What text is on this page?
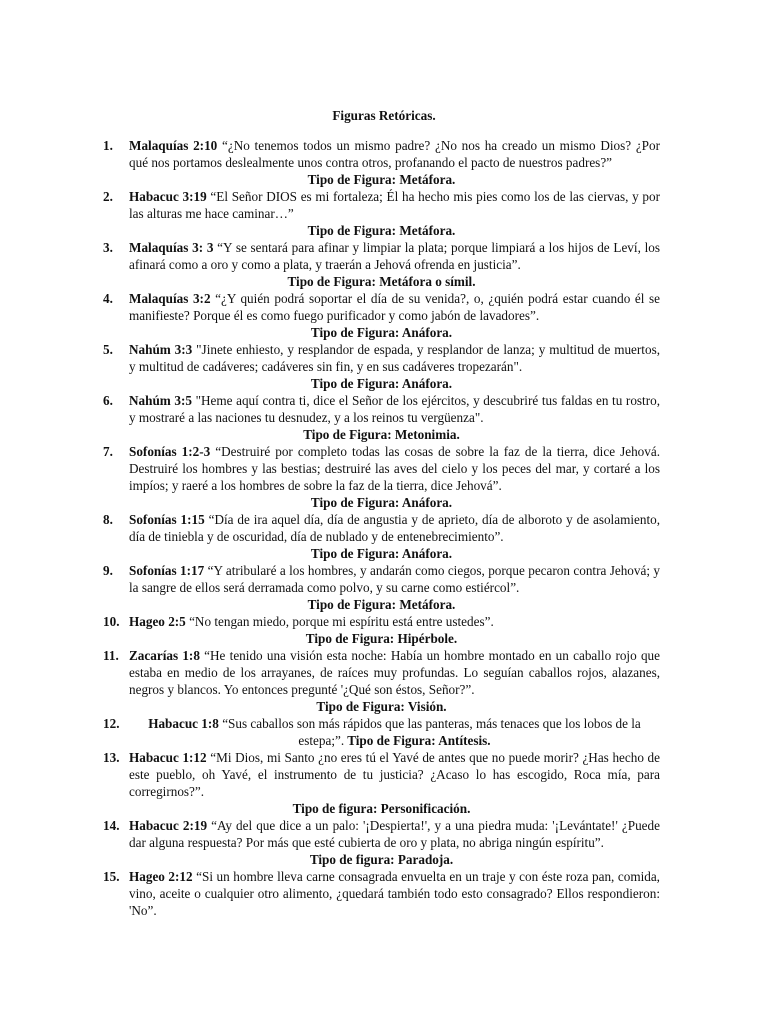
Figuras Retóricas.
1.	Malaquías 2:10 “¿No tenemos todos un mismo padre? ¿No nos ha creado un mismo Dios? ¿Por qué nos portamos deslealmente unos contra otros, profanando el pacto de nuestros padres?”
Tipo de Figura: Metáfora.
2.	Habacuc 3:19 “El Señor DIOS es mi fortaleza; Él ha hecho mis pies como los de las ciervas, y por las alturas me hace caminar…”
Tipo de Figura: Metáfora.
3.	Malaquías 3: 3 “Y se sentará para afinar y limpiar la plata; porque limpiará a los hijos de Leví, los afinará como a oro y como a plata, y traerán a Jehová ofrenda en justicia”.
Tipo de Figura: Metáfora o símil.
4.	Malaquías 3:2 “¿Y quién podrá soportar el día de su venida?, o, ¿quién podrá estar cuando él se manifieste? Porque él es como fuego purificador y como jabón de lavadores”.
Tipo de Figura: Anáfora.
5.	Nahúm 3:3 "Jinete enhiesto, y resplandor de espada, y resplandor de lanza; y multitud de muertos, y multitud de cadáveres; cadáveres sin fin, y en sus cadáveres tropezarán".
Tipo de Figura: Anáfora.
6.	Nahúm 3:5 "Heme aquí contra ti, dice el Señor de los ejércitos, y descubriré tus faldas en tu rostro, y mostraré a las naciones tu desnudez, y a los reinos tu vergüenza".
Tipo de Figura: Metonimia.
7.	Sofonías 1:2-3 “Destruiré por completo todas las cosas de sobre la faz de la tierra, dice Jehová. Destruiré los hombres y las bestias; destruiré las aves del cielo y los peces del mar, y cortaré a los impíos; y raeré a los hombres de sobre la faz de la tierra, dice Jehová”.
Tipo de Figura: Anáfora.
8.	Sofonías 1:15 “Día de ira aquel día, día de angustia y de aprieto, día de alboroto y de asolamiento, día de tiniebla y de oscuridad, día de nublado y de entenebrecimiento”.
Tipo de Figura: Anáfora.
9.	Sofonías 1:17 “Y atribularé a los hombres, y andarán como ciegos, porque pecaron contra Jehová; y la sangre de ellos será derramada como polvo, y su carne como estiércol”.
Tipo de Figura: Metáfora.
10. Hageo 2:5 “No tengan miedo, porque mi espíritu está entre ustedes”.
Tipo de Figura: Hipérbole.
11. Zacarías 1:8 “He tenido una visión esta noche: Había un hombre montado en un caballo rojo que estaba en medio de los arrayanes, de raíces muy profundas. Lo seguían caballos rojos, alazanes, negros y blancos. Yo entonces pregunté '¿Qué son éstos, Señor?”.
Tipo de Figura: Visión.
12.	Habacuc 1:8 “Sus caballos son más rápidos que las panteras, más tenaces que los lobos de la estepa;”. Tipo de Figura: Antítesis.
13. Habacuc 1:12 “Mi Dios, mi Santo ¿no eres tú el Yavé de antes que no puede morir? ¿Has hecho de este pueblo, oh Yavé, el instrumento de tu justicia? ¿Acaso lo has escogido, Roca mía, para corregirnos?”.
Tipo de figura: Personificación.
14. Habacuc 2:19 “Ay del que dice a un palo: '¡Despierta!', y a una piedra muda: '¡Levántate!' ¿Puede dar alguna respuesta? Por más que esté cubierta de oro y plata, no abriga ningún espíritu”.
Tipo de figura: Paradoja.
15. Hageo 2:12 “Si un hombre lleva carne consagrada envuelta en un traje y con éste roza pan, comida, vino, aceite o cualquier otro alimento, ¿quedará también todo esto consagrado? Ellos respondieron: 'No”.
